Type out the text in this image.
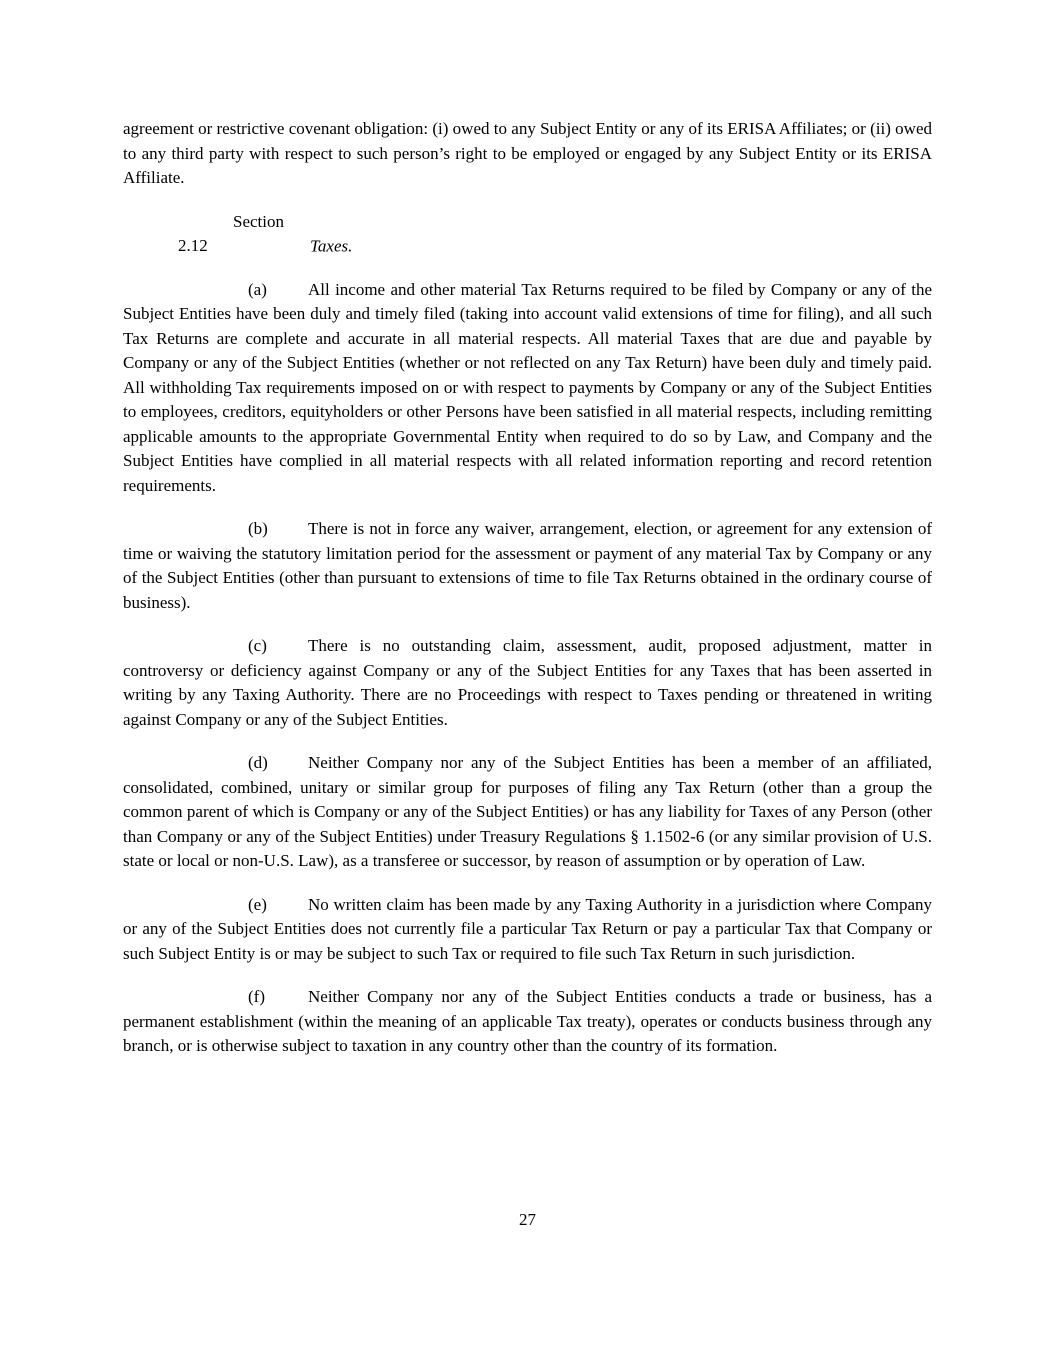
agreement or restrictive covenant obligation: (i) owed to any Subject Entity or any of its ERISA Affiliates; or (ii) owed to any third party with respect to such person’s right to be employed or engaged by any Subject Entity or its ERISA Affiliate.

Section 2.12	Taxes.

(a) All income and other material Tax Returns required to be filed by Company or any of the Subject Entities have been duly and timely filed (taking into account valid extensions of time for filing), and all such Tax Returns are complete and accurate in all material respects. All material Taxes that are due and payable by Company or any of the Subject Entities (whether or not reflected on any Tax Return) have been duly and timely paid. All withholding Tax requirements imposed on or with respect to payments by Company or any of the Subject Entities to employees, creditors, equityholders or other Persons have been satisfied in all material respects, including remitting applicable amounts to the appropriate Governmental Entity when required to do so by Law, and Company and the Subject Entities have complied in all material respects with all related information reporting and record retention requirements.

(b) There is not in force any waiver, arrangement, election, or agreement for any extension of time or waiving the statutory limitation period for the assessment or payment of any material Tax by Company or any of the Subject Entities (other than pursuant to extensions of time to file Tax Returns obtained in the ordinary course of business).

(c) There is no outstanding claim, assessment, audit, proposed adjustment, matter in controversy or deficiency against Company or any of the Subject Entities for any Taxes that has been asserted in writing by any Taxing Authority. There are no Proceedings with respect to Taxes pending or threatened in writing against Company or any of the Subject Entities.

(d) Neither Company nor any of the Subject Entities has been a member of an affiliated, consolidated, combined, unitary or similar group for purposes of filing any Tax Return (other than a group the common parent of which is Company or any of the Subject Entities) or has any liability for Taxes of any Person (other than Company or any of the Subject Entities) under Treasury Regulations § 1.1502-6 (or any similar provision of U.S. state or local or non-U.S. Law), as a transferee or successor, by reason of assumption or by operation of Law.

(e) No written claim has been made by any Taxing Authority in a jurisdiction where Company or any of the Subject Entities does not currently file a particular Tax Return or pay a particular Tax that Company or such Subject Entity is or may be subject to such Tax or required to file such Tax Return in such jurisdiction.

(f)	Neither Company nor any of the Subject Entities conducts a trade or business, has a permanent establishment (within the meaning of an applicable Tax treaty), operates or conducts business through any branch, or is otherwise subject to taxation in any country other than the country of its formation.

27
